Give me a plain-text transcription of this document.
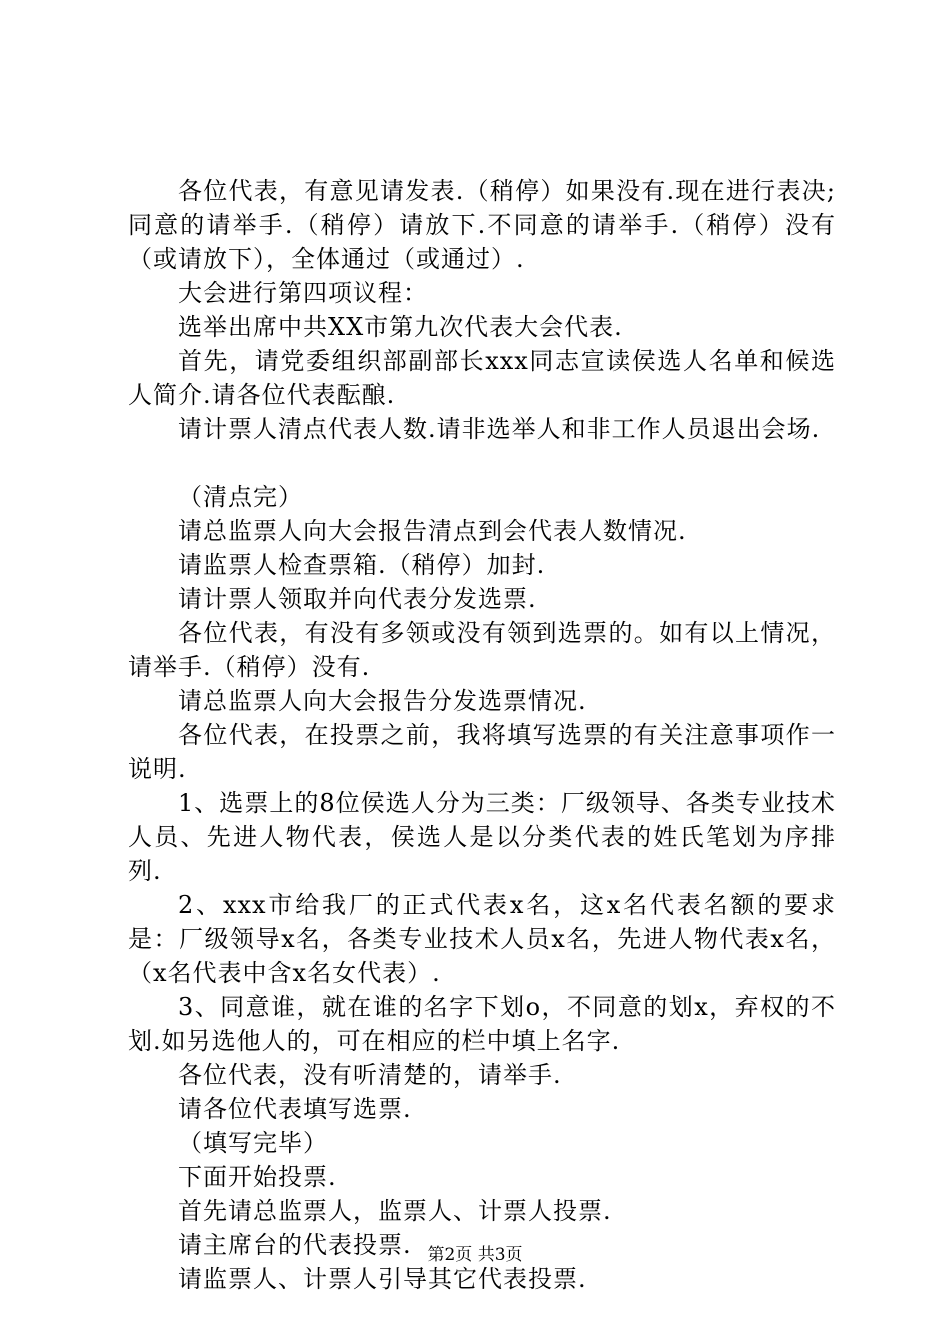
各位代表，有意见请发表.（稍停）如果没有.现在进行表决;同意的请举手.（稍停）请放下.不同意的请举手.（稍停）没有（或请放下），全体通过（或通过）.

大会进行第四项议程：

选举出席中共XX市第九次代表大会代表.

首先，请党委组织部副部长xxx同志宣读侯选人名单和候选人简介.请各位代表酝酿.

请计票人清点代表人数.请非选举人和非工作人员退出会场.

（清点完）

请总监票人向大会报告清点到会代表人数情况.

请监票人检查票箱.（稍停）加封.

请计票人领取并向代表分发选票.

各位代表，有没有多领或没有领到选票的。如有以上情况，请举手.（稍停）没有.

请总监票人向大会报告分发选票情况.

各位代表，在投票之前，我将填写选票的有关注意事项作一说明.

1、选票上的8位侯选人分为三类：厂级领导、各类专业技术人员、先进人物代表，侯选人是以分类代表的姓氏笔划为序排列.

2、xxx市给我厂的正式代表x名，这x名代表名额的要求是：厂级领导x名，各类专业技术人员x名，先进人物代表x名，（x名代表中含x名女代表）.

3、同意谁，就在谁的名字下划o，不同意的划x，弃权的不划.如另选他人的，可在相应的栏中填上名字.

各位代表，没有听清楚的，请举手.

请各位代表填写选票.

（填写完毕）

下面开始投票.

首先请总监票人，监票人、计票人投票.

请主席台的代表投票.

请监票人、计票人引导其它代表投票.

第2页 共3页
